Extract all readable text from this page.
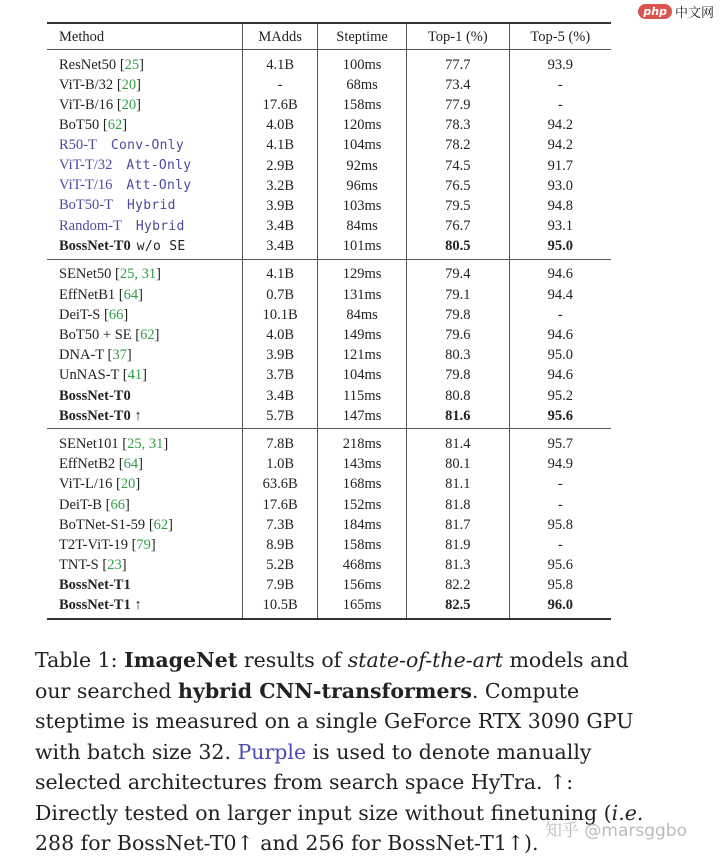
php 中文网
Method	MAdds	Steptime	Top-1 (%)	Top-5 (%)
ResNet50 [25]	4.1B	100ms	77.7	93.9
ViT-B/32 [20]	-	68ms	73.4	-
ViT-B/16 [20]	17.6B	158ms	77.9	-
BoT50 [62]	4.0B	120ms	78.3	94.2
R50-T Conv-Only	4.1B	104ms	78.2	94.2
ViT-T/32 Att-Only	2.9B	92ms	74.5	91.7
ViT-T/16 Att-Only	3.2B	96ms	76.5	93.0
BoT50-T Hybrid	3.9B	103ms	79.5	94.8
Random-T Hybrid	3.4B	84ms	76.7	93.1
BossNet-T0 w/o SE	3.4B	101ms	80.5	95.0
SENet50 [25, 31]	4.1B	129ms	79.4	94.6
EffNetB1 [64]	0.7B	131ms	79.1	94.4
DeiT-S [66]	10.1B	84ms	79.8	-
BoT50 + SE [62]	4.0B	149ms	79.6	94.6
DNA-T [37]	3.9B	121ms	80.3	95.0
UnNAS-T [41]	3.7B	104ms	79.8	94.6
BossNet-T0	3.4B	115ms	80.8	95.2
BossNet-T0 ↑	5.7B	147ms	81.6	95.6
SENet101 [25, 31]	7.8B	218ms	81.4	95.7
EffNetB2 [64]	1.0B	143ms	80.1	94.9
ViT-L/16 [20]	63.6B	168ms	81.1	-
DeiT-B [66]	17.6B	152ms	81.8	-
BoTNet-S1-59 [62]	7.3B	184ms	81.7	95.8
T2T-ViT-19 [79]	8.9B	158ms	81.9	-
TNT-S [23]	5.2B	468ms	81.3	95.6
BossNet-T1	7.9B	156ms	82.2	95.8
BossNet-T1 ↑	10.5B	165ms	82.5	96.0
Table 1: ImageNet results of state-of-the-art models and our searched hybrid CNN-transformers. Compute steptime is measured on a single GeForce RTX 3090 GPU with batch size 32. Purple is used to denote manually selected architectures from search space HyTra. ↑: Directly tested on larger input size without finetuning (i.e. 288 for BossNet-T0↑ and 256 for BossNet-T1↑). 知乎 @marsggbo
